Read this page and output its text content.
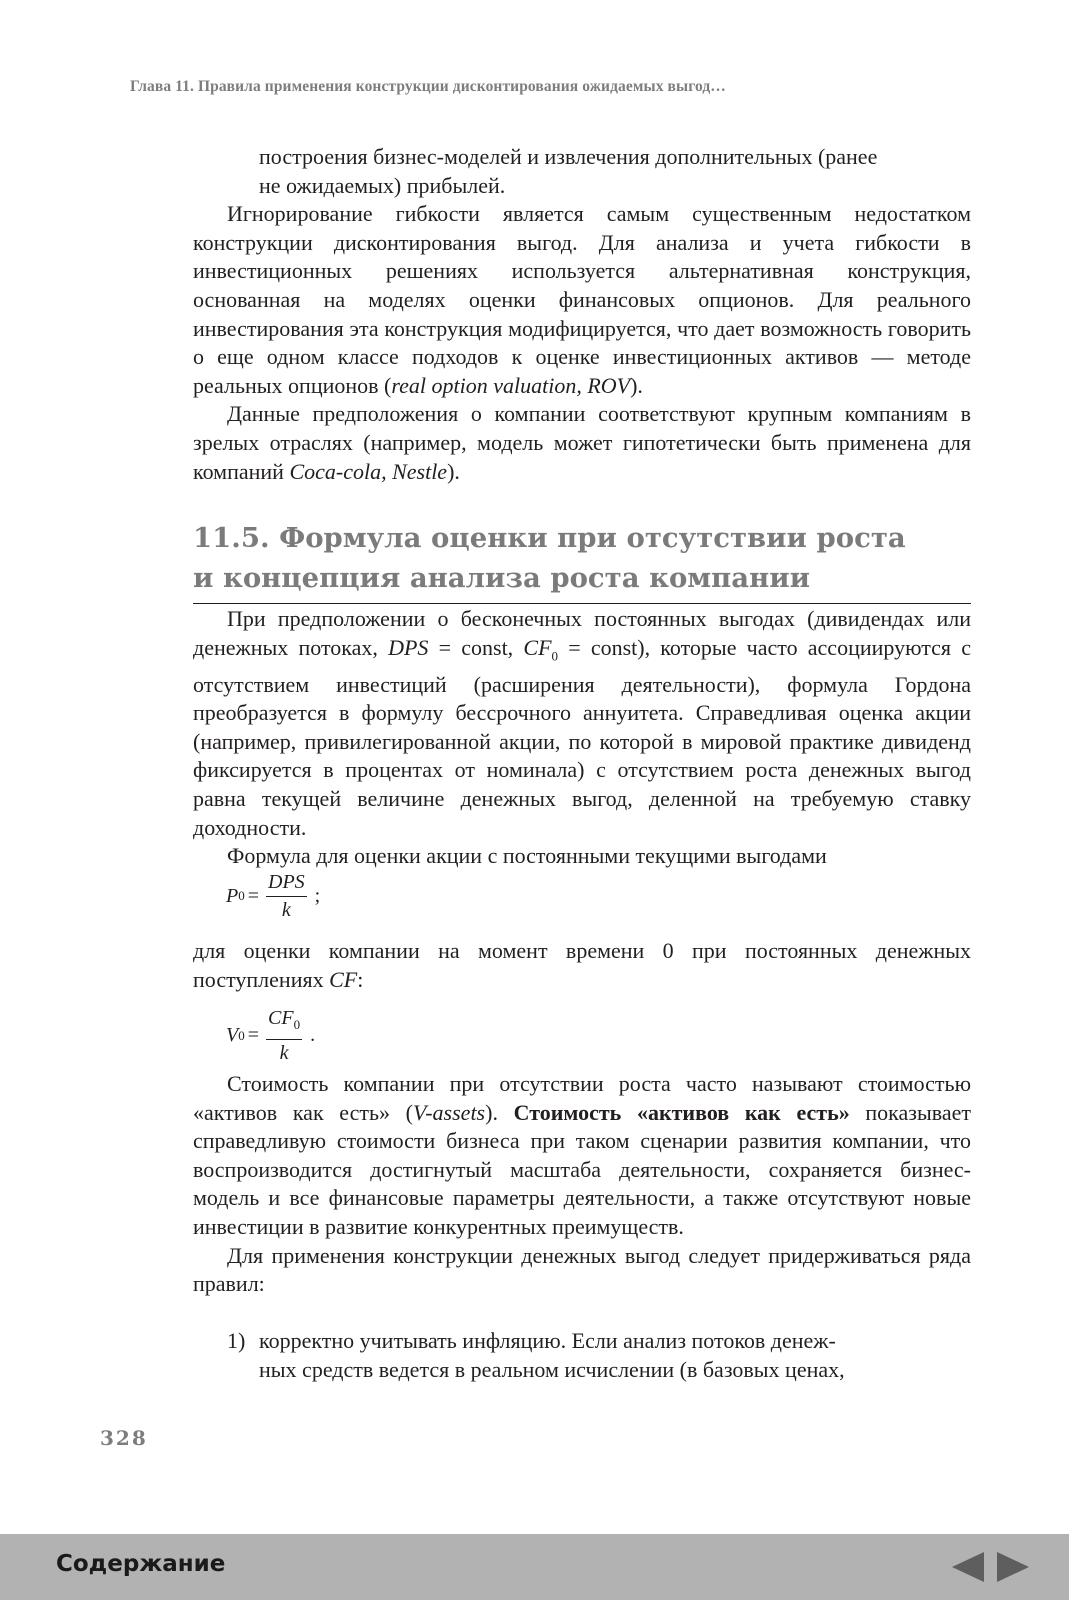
Глава 11. Правила применения конструкции дисконтирования ожидаемых выгод…

построения бизнес-моделей и извлечения дополнительных (ранее
не ожидаемых) прибылей.

Игнорирование гибкости является самым существенным недостатком конструкции дисконтирования выгод. Для анализа и учета гибкости в инвестиционных решениях используется альтернативная конструкция, основанная на моделях оценки финансовых опционов. Для реального инвестирования эта конструкция модифицируется, что дает возможность говорить о еще одном классе подходов к оценке инвестиционных активов — методе реальных опционов (real option valuation, ROV).

Данные предположения о компании соответствуют крупным компаниям в зрелых отраслях (например, модель может гипотетически быть применена для компаний Coca-cola, Nestle).

11.5. Формула оценки при отсутствии роста
и концепция анализа роста компании

При предположении о бесконечных постоянных выгодах (дивидендах или денежных потоках, DPS = const, $CF_0$ = const), которые часто ассоциируются с отсутствием инвестиций (расширения деятельности), формула Гордона преобразуется в формулу бессрочного аннуитета. Справедливая оценка акции (например, привилегированной акции, по которой в мировой практике дивиденд фиксируется в процентах от номинала) с отсутствием роста денежных выгод равна текущей величине денежных выгод, деленной на требуемую ставку доходности.

Формула для оценки акции с постоянными текущими выгодами

P $0 = \frac{\text{DPS}}{k}$ ;

для оценки компании на момент времени 0 при постоянных денежных поступлениях CF:

V $0 = \frac{CF_0}{k}$ .

Стоимость компании при отсутствии роста часто называют стоимостью «активов как есть» (V-assets). Стоимость «активов как есть» показывает справедливую стоимости бизнеса при таком сценарии развития компании, что воспроизводится достигнутый масштаба деятельности, сохраняется бизнес-модель и все финансовые параметры деятельности, а также отсутствуют новые инвестиции в развитие конкурентных преимуществ.

Для применения конструкции денежных выгод следует придерживаться ряда правил:

1) корректно учитывать инфляцию. Если анализ потоков денеж-
ных средств ведется в реальном исчислении (в базовых ценах,
328
Содержание
